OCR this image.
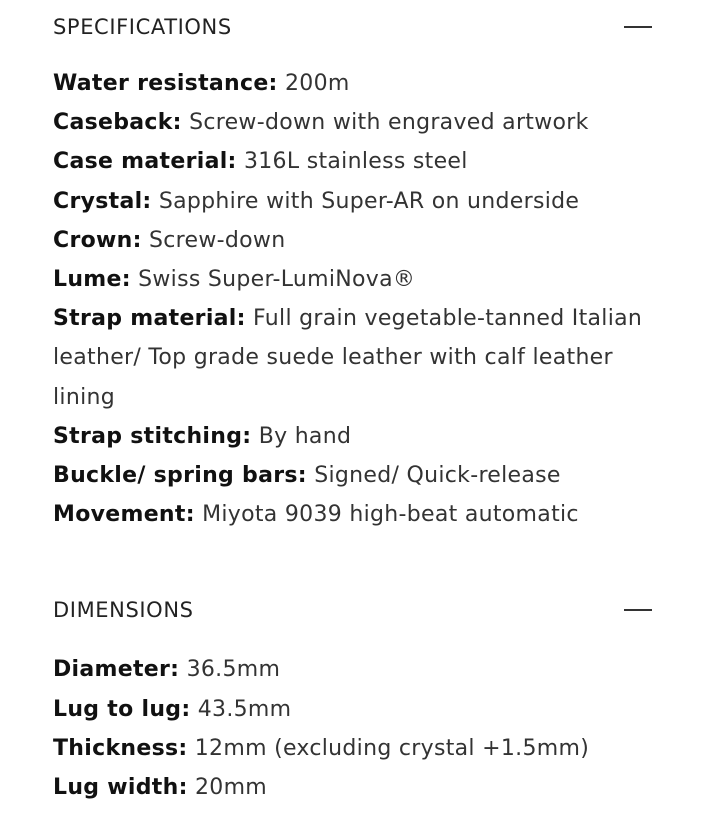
SPECIFICATIONS
Water resistance: 200m
Caseback: Screw-down with engraved artwork
Case material: 316L stainless steel
Crystal: Sapphire with Super-AR on underside
Crown: Screw-down
Lume: Swiss Super-LumiNova®
Strap material: Full grain vegetable-tanned Italian leather/ Top grade suede leather with calf leather lining
Strap stitching: By hand
Buckle/ spring bars: Signed/ Quick-release
Movement: Miyota 9039 high-beat automatic
DIMENSIONS
Diameter: 36.5mm
Lug to lug: 43.5mm
Thickness: 12mm (excluding crystal +1.5mm)
Lug width: 20mm
